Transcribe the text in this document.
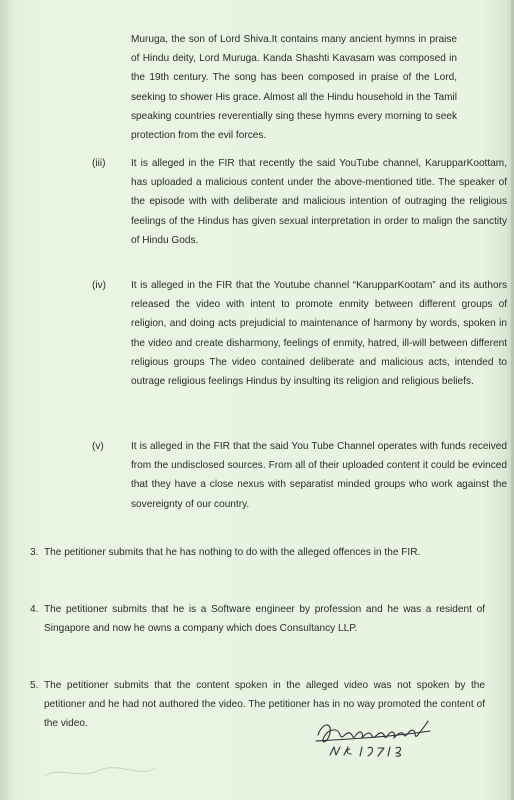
Muruga, the son of Lord Shiva.It contains many ancient hymns in praise of Hindu deity, Lord Muruga. Kanda Shashti Kavasam was composed in the 19th century. The song has been composed in praise of the Lord, seeking to shower His grace. Almost all the Hindu household in the Tamil speaking countries reverentially sing these hymns every morning to seek protection from the evil forces.

(iii)	It is alleged in the FIR that recently the said YouTube channel, KarupparKoottam, has uploaded a malicious content under the above-mentioned title. The speaker of the episode with with deliberate and malicious intention of outraging the religious feelings of the Hindus has given sexual interpretation in order to malign the sanctity of Hindu Gods.

(iv) It is alleged in the FIR that the Youtube channel “KarupparKootam” and its authors released the video with intent to promote enmity between different groups of religion, and doing acts prejudicial to maintenance of harmony by words, spoken in the video and create disharmony, feelings of enmity, hatred, ill-will between different religious groups The video contained deliberate and malicious acts, intended to outrage religious feelings Hindus by insulting its religion and religious beliefs.

(v)	It is alleged in the FIR that the said You Tube Channel operates with funds received from the undisclosed sources. From all of their uploaded content it could be evinced that they have a close nexus with separatist minded groups who work against the sovereignty of our country.

3. The petitioner submits that he has nothing to do with the alleged offences in the FIR.

4. The petitioner submits that he is a Software engineer by profession and he was a resident of Singapore and now he owns a company which does Consultancy LLP.

5. The petitioner submits that the content spoken in the alleged video was not spoken by the petitioner and he had not authored the video. The petitioner has in no way promoted the content of the video.
